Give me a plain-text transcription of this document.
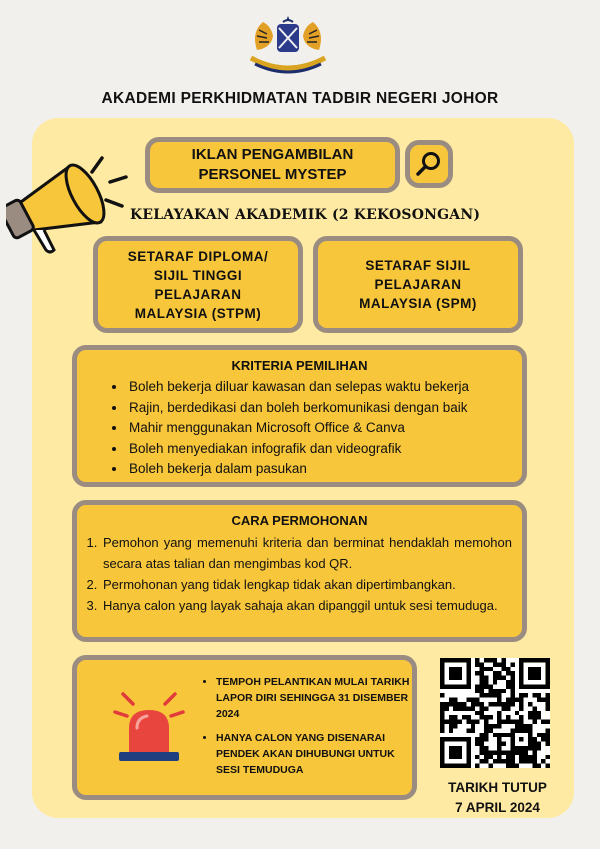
AKADEMI PERKHIDMATAN TADBIR NEGERI JOHOR
IKLAN PENGAMBILAN
PERSONEL MYSTEP
KELAYAKAN AKADEMIK (2 KEKOSONGAN)
SETARAF DIPLOMA/ SIJIL TINGGI PELAJARAN MALAYSIA (STPM)
SETARAF SIJIL PELAJARAN MALAYSIA (SPM)
KRITERIA PEMILIHAN
• Boleh bekerja diluar kawasan dan selepas waktu bekerja
• Rajin, berdedikasi dan boleh berkomunikasi dengan baik
• Mahir menggunakan Microsoft Office & Canva
• Boleh menyediakan infografik dan videografik
• Boleh bekerja dalam pasukan
CARA PERMOHONAN
1. Pemohon yang memenuhi kriteria dan berminat hendaklah memohon secara atas talian dan mengimbas kod QR.
2. Permohonan yang tidak lengkap tidak akan dipertimbangkan.
3. Hanya calon yang layak sahaja akan dipanggil untuk sesi temuduga.
• TEMPOH PELANTIKAN MULAI TARIKH LAPOR DIRI SEHINGGA 31 DISEMBER 2024
• HANYA CALON YANG DISENARAI PENDEK AKAN DIHUBUNGI UNTUK SESI TEMUDUGA
TARIKH TUTUP
7 APRIL 2024
